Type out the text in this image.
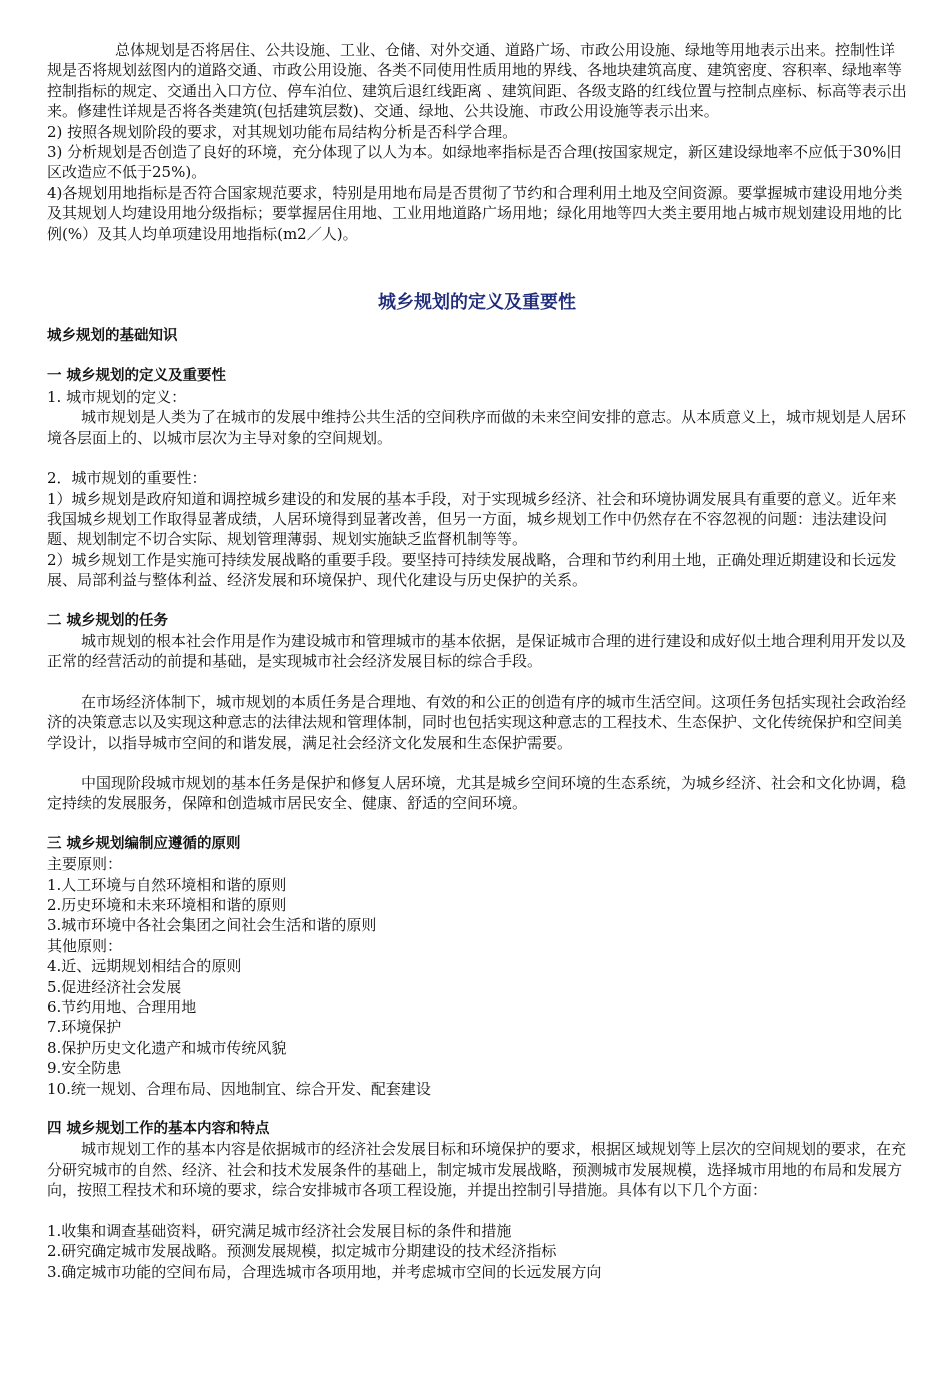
总体规划是否将居住、公共设施、工业、仓储、对外交通、道路广场、市政公用设施、绿地等用地表示出来。控制性详规是否将规划兹图内的道路交通、市政公用设施、各类不同使用性质用地的界线、各地块建筑高度、建筑密度、容积率、绿地率等控制指标的规定、交通出入口方位、停车泊位、建筑后退红线距离 、建筑间距、各级支路的红线位置与控制点座标、标高等表示出来。修建性详规是否将各类建筑(包括建筑层数)、交通、绿地、公共设施、市政公用设施等表示出来。

2) 按照各规划阶段的要求，对其规划功能布局结构分析是否科学合理。

3) 分析规划是否创造了良好的环境，充分体现了以人为本。如绿地率指标是否合理(按国家规定，新区建设绿地率不应低于30%旧区改造应不低于25%)。

4)各规划用地指标是否符合国家规范要求，特别是用地布局是否贯彻了节约和合理利用土地及空间资源。要掌握城市建设用地分类及其规划人均建设用地分级指标；要掌握居住用地、工业用地道路广场用地；绿化用地等四大类主要用地占城市规划建设用地的比例(%）及其人均单项建设用地指标(m2／人)。

城乡规划的定义及重要性

城乡规划的基础知识

一 城乡规划的定义及重要性

1. 城市规划的定义：

城市规划是人类为了在城市的发展中维持公共生活的空间秩序而做的未来空间安排的意志。从本质意义上，城市规划是人居环境各层面上的、以城市层次为主导对象的空间规划。

2．城市规划的重要性：

1）城乡规划是政府知道和调控城乡建设的和发展的基本手段，对于实现城乡经济、社会和环境协调发展具有重要的意义。近年来我国城乡规划工作取得显著成绩，人居环境得到显著改善，但另一方面，城乡规划工作中仍然存在不容忽视的问题：违法建设问题、规划制定不切合实际、规划管理薄弱、规划实施缺乏监督机制等等。

2）城乡规划工作是实施可持续发展战略的重要手段。要坚持可持续发展战略，合理和节约利用土地，正确处理近期建设和长远发展、局部利益与整体利益、经济发展和环境保护、现代化建设与历史保护的关系。

二 城乡规划的任务

城市规划的根本社会作用是作为建设城市和管理城市的基本依据，是保证城市合理的进行建设和成好似土地合理利用开发以及正常的经营活动的前提和基础，是实现城市社会经济发展目标的综合手段。

在市场经济体制下，城市规划的本质任务是合理地、有效的和公正的创造有序的城市生活空间。这项任务包括实现社会政治经济的决策意志以及实现这种意志的法律法规和管理体制，同时也包括实现这种意志的工程技术、生态保护、文化传统保护和空间美学设计，以指导城市空间的和谐发展，满足社会经济文化发展和生态保护需要。

中国现阶段城市规划的基本任务是保护和修复人居环境，尤其是城乡空间环境的生态系统，为城乡经济、社会和文化协调，稳定持续的发展服务，保障和创造城市居民安全、健康、舒适的空间环境。

三 城乡规划编制应遵循的原则

主要原则：

1.人工环境与自然环境相和谐的原则

2.历史环境和未来环境相和谐的原则

3.城市环境中各社会集团之间社会生活和谐的原则

其他原则：

4.近、远期规划相结合的原则

5.促进经济社会发展

6.节约用地、合理用地

7.环境保护

8.保护历史文化遗产和城市传统风貌

9.安全防患

10.统一规划、合理布局、因地制宜、综合开发、配套建设

四 城乡规划工作的基本内容和特点

城市规划工作的基本内容是依据城市的经济社会发展目标和环境保护的要求，根据区域规划等上层次的空间规划的要求，在充分研究城市的自然、经济、社会和技术发展条件的基础上，制定城市发展战略，预测城市发展规模，选择城市用地的布局和发展方向，按照工程技术和环境的要求，综合安排城市各项工程设施，并提出控制引导措施。具体有以下几个方面：

1.收集和调查基础资料，研究满足城市经济社会发展目标的条件和措施

2.研究确定城市发展战略。预测发展规模，拟定城市分期建设的技术经济指标

3.确定城市功能的空间布局，合理选城市各项用地，并考虑城市空间的长远发展方向
